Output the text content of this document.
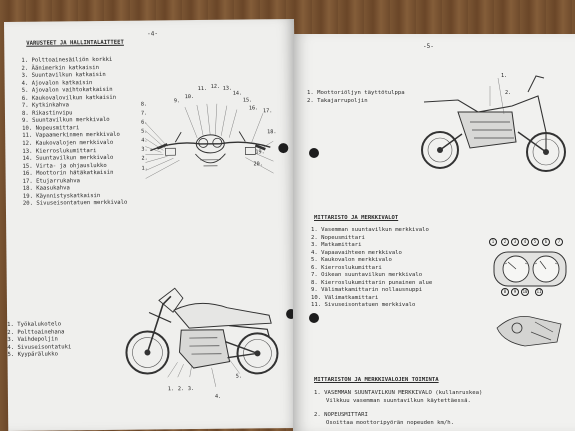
-4-
VARUSTEET JA HALLINTALAITTEET
1. Polttoainesäiliön korkki
2. Äänimerkin katkaisin
3. Suuntavilkun katkaisin
4. Ajovalon katkaisin
5. Ajovalon vaihtokatkaisin
6. Kaukovalovilkun katkaisin
7. Kytkinkahva
8. Rikastinvipu
9. Suuntavilkun merkkivalo
10. Nopeusmittari
11. Vapaamerkinmen merkkivalo
12. Kaukovalojen merkkivalo
13. Kierroslukumittari
14. Suuntavilkun merkkivalo
15. Virta- ja ohjauslukko
16. Moottorin hätäkatkaisin
17. Etujarrukahva
18. Kaasukahva
19. Käynnistyskatkaisin
20. Sivuseisontatuen merkkivalo
8.
7.
6.
5.
4.
3.
2.
1.
9.
10.
11. 12. 13.
14.
15.
16. 17.
18.
19.
20.
1. Työkalukotelo
2. Polttoainehana
3. Vaihdepoljin
4. Sivuseisontatuki
5. Kyypärälukko
1. 2. 3.
4.
5.
-5-
1. Moottoriöljyn täyttötulppa
2. Takajarrupoljin
1.
2.
MITTARISTO JA MERKKIVALOT
1. Vasemman suuntavilkun merkkivalo
2. Nopeusmittari
3. Matkamittari
4. Vapaavaihteen merkkivalo
5. Kaukovalon merkkivalo
6. Kierroslukumittari
7. Oikean suuntavilkun merkkivalo
8. Kierroslukumittarin punainen alue
9. Välimatkamittarin nollausnuppi
10. Välimatkamittari
11. Sivuseisontatuen merkkivalo
1	2	3	4	5	6	7
8	9	10	11
MITTARISTON JA MERKKIVALOJEN TOIMINTA
1. VASEMMAN SUUNTAVILKUN MERKKIVALO (kullanruskea)
Vilkkuu vasemman suuntavilkun käytettäessä.
2. NOPEUSMITTARI
Osoittaa moottoripyörän nopeuden km/h.
